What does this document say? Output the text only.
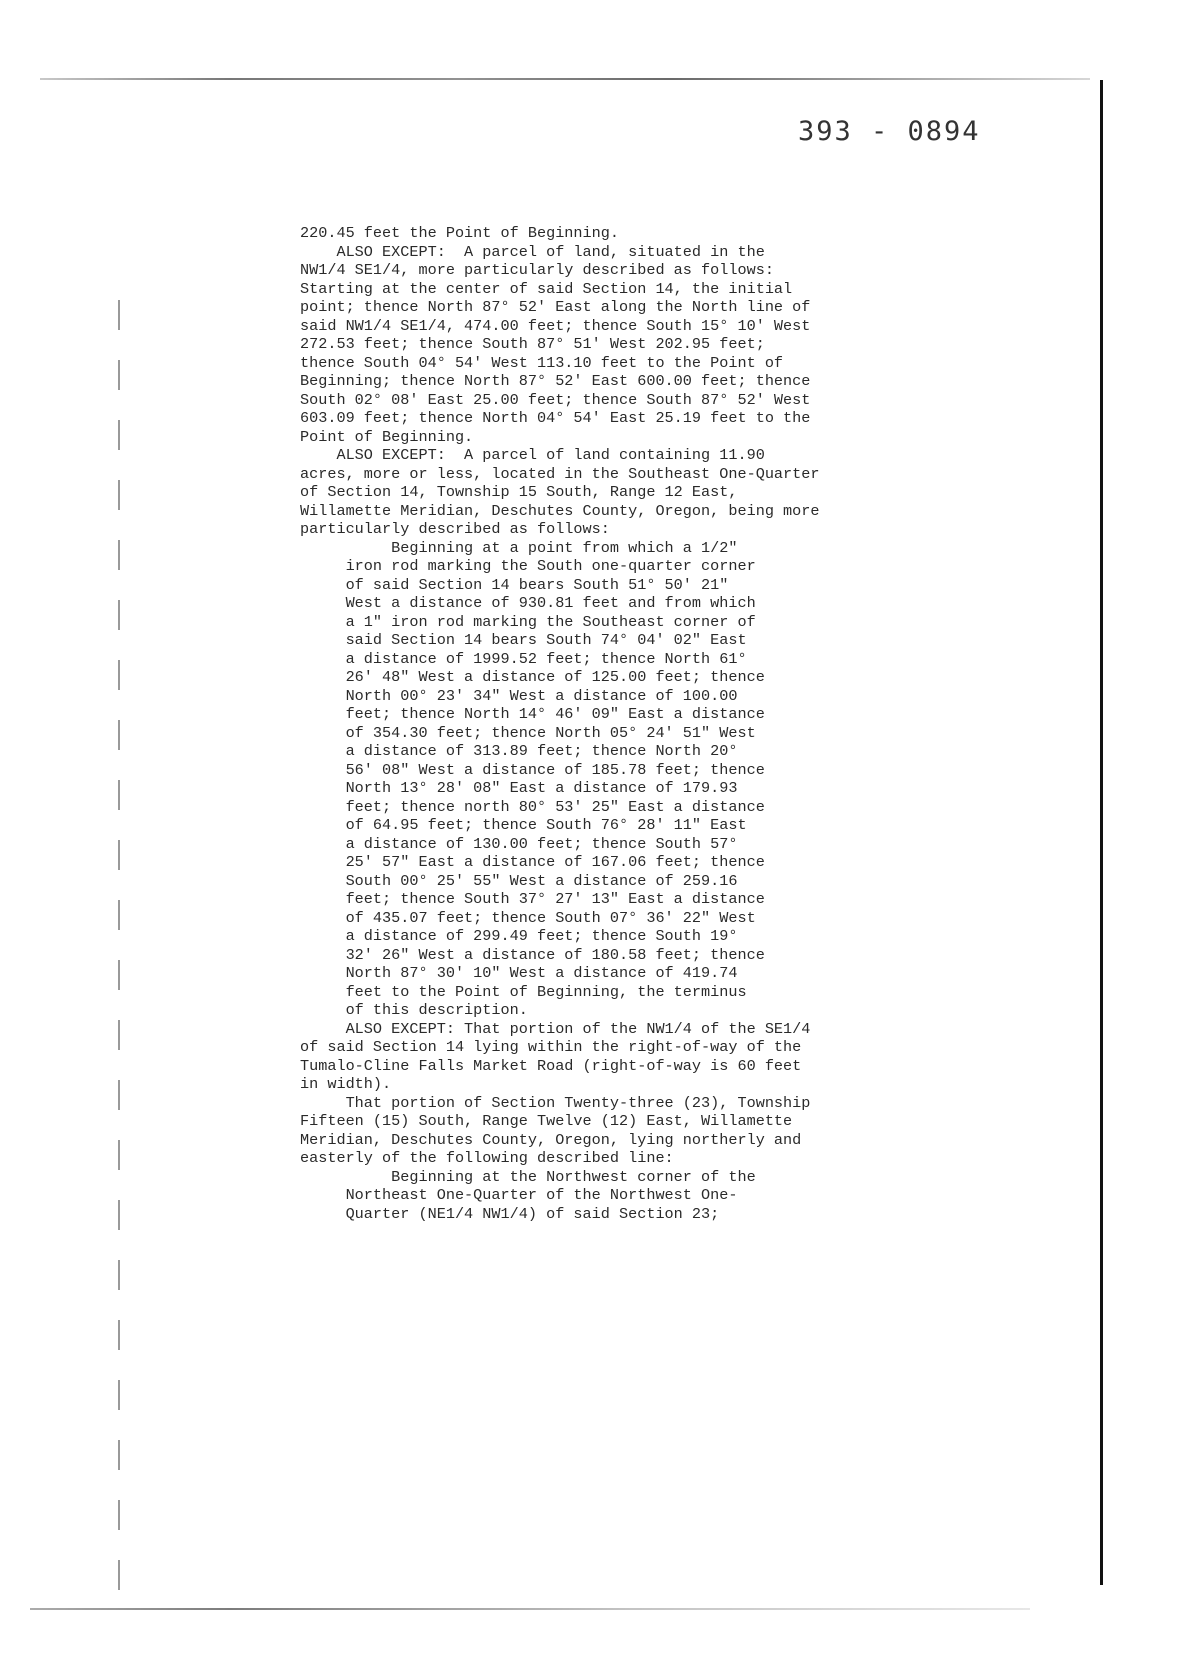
393 - 0894
220.45 feet the Point of Beginning.
ALSO EXCEPT:  A parcel of land, situated in the
NW1/4 SE1/4, more particularly described as follows:
Starting at the center of said Section 14, the initial
point; thence North 87° 52' East along the North line of
said NW1/4 SE1/4, 474.00 feet; thence South 15° 10' West
272.53 feet; thence South 87° 51' West 202.95 feet;
thence South 04° 54' West 113.10 feet to the Point of
Beginning; thence North 87° 52' East 600.00 feet; thence
South 02° 08' East 25.00 feet; thence South 87° 52' West
603.09 feet; thence North 04° 54' East 25.19 feet to the
Point of Beginning.
ALSO EXCEPT:  A parcel of land containing 11.90
acres, more or less, located in the Southeast One-Quarter
of Section 14, Township 15 South, Range 12 East,
Willamette Meridian, Deschutes County, Oregon, being more
particularly described as follows:
Beginning at a point from which a 1/2"
iron rod marking the South one-quarter corner
of said Section 14 bears South 51° 50' 21"
West a distance of 930.81 feet and from which
a 1" iron rod marking the Southeast corner of
said Section 14 bears South 74° 04' 02" East
a distance of 1999.52 feet; thence North 61°
26' 48" West a distance of 125.00 feet; thence
North 00° 23' 34" West a distance of 100.00
feet; thence North 14° 46' 09" East a distance
of 354.30 feet; thence North 05° 24' 51" West
a distance of 313.89 feet; thence North 20°
56' 08" West a distance of 185.78 feet; thence
North 13° 28' 08" East a distance of 179.93
feet; thence north 80° 53' 25" East a distance
of 64.95 feet; thence South 76° 28' 11" East
a distance of 130.00 feet; thence South 57°
25' 57" East a distance of 167.06 feet; thence
South 00° 25' 55" West a distance of 259.16
feet; thence South 37° 27' 13" East a distance
of 435.07 feet; thence South 07° 36' 22" West
a distance of 299.49 feet; thence South 19°
32' 26" West a distance of 180.58 feet; thence
North 87° 30' 10" West a distance of 419.74
feet to the Point of Beginning, the terminus
of this description.
ALSO EXCEPT: That portion of the NW1/4 of the SE1/4
of said Section 14 lying within the right-of-way of the
Tumalo-Cline Falls Market Road (right-of-way is 60 feet
in width).
That portion of Section Twenty-three (23), Township
Fifteen (15) South, Range Twelve (12) East, Willamette
Meridian, Deschutes County, Oregon, lying northerly and
easterly of the following described line:
Beginning at the Northwest corner of the
Northeast One-Quarter of the Northwest One-
Quarter (NE1/4 NW1/4) of said Section 23;
